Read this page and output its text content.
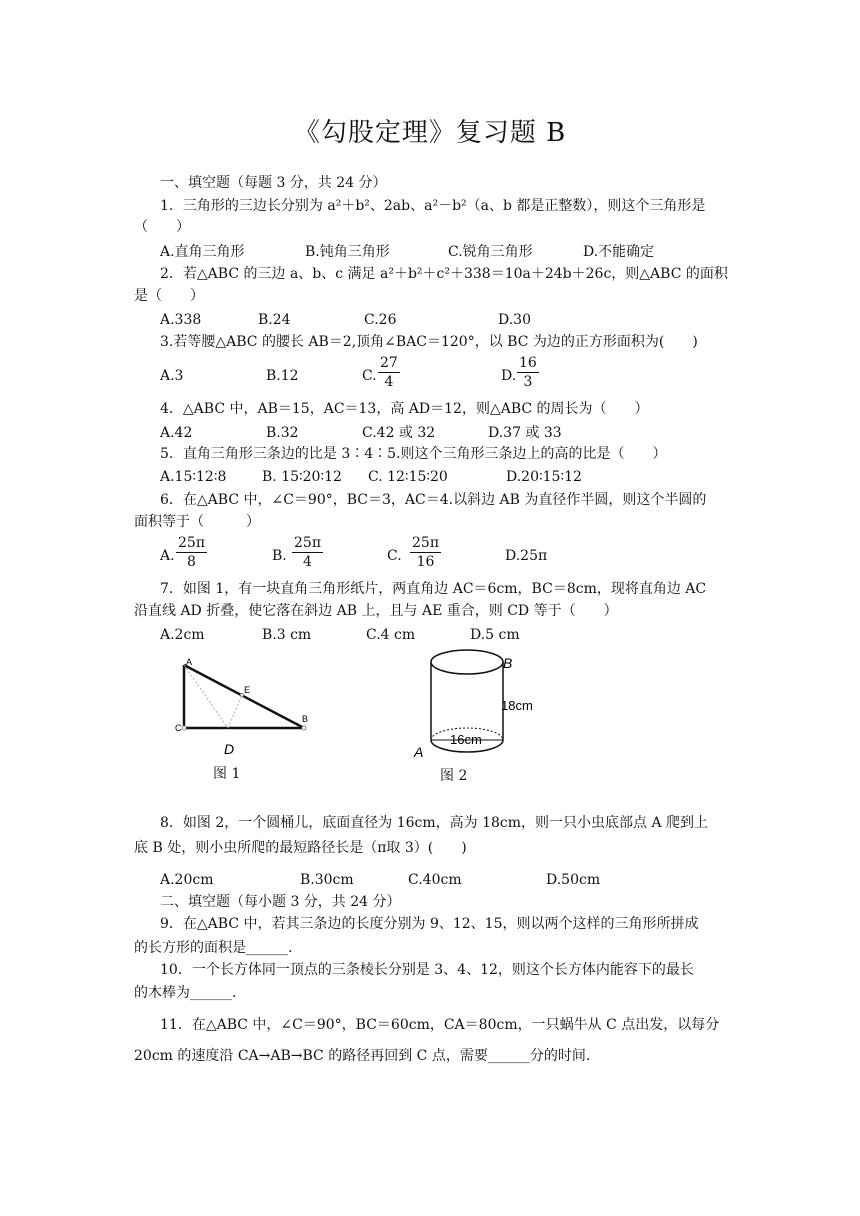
《勾股定理》复习题 B
一、填空题（每题 3 分，共 24 分）
1．三角形的三边长分别为 a²＋b²、2ab、a²－b²（a、b 都是正整数），则这个三角形是
（　　）
A.直角三角形	B.钝角三角形	C.锐角三角形	D.不能确定
2．若△ABC 的三边 a、b、c 满足 a²＋b²＋c²＋338＝10a＋24b＋26c，则△ABC 的面积
是（　　）
A.338	B.24	C.26	D.30
3.若等腰△ABC 的腰长 AB＝2,顶角∠BAC＝120°，以 BC 为边的正方形面积为(　　)
A.3	B.12	C. $\frac{27}{4}$	D. $\frac{16}{3}$
4．△ABC 中，AB＝15，AC＝13，高 AD＝12，则△ABC 的周长为（　　）
A.42	B.32	C.42 或 32	D.37 或 33
5．直角三角形三条边的比是 3∶4∶5.则这个三角形三条边上的高的比是（　　）
A.15∶12∶8	B. 15∶20∶12 C. 12∶15∶20	D.20∶15∶12
6．在△ABC 中，∠C＝90°，BC＝3，AC＝4.以斜边 AB 为直径作半圆，则这个半圆的
面积等于（　　　）
A. $\frac{25\pi}{8}$	B. $\frac{25\pi}{4}$	C. $\frac{25\pi}{16}$	D.25π
7．如图 1，有一块直角三角形纸片，两直角边 AC＝6cm，BC＝8cm，现将直角边 AC
沿直线 AD 折叠，使它落在斜边 AB 上，且与 AE 重合，则 CD 等于（　　）
A.2cm	B.3 cm	C.4 cm	D.5 cm
A
E
B
C
D
图 1
B
18cm
16cm
A
图 2
8．如图 2，一个圆桶儿，底面直径为 16cm，高为 18cm，则一只小虫底部点 A 爬到上
底 B 处，则小虫所爬的最短路径长是（π取 3）(　　)
A.20cm	B.30cm	C.40cm	D.50cm
二、填空题（每小题 3 分，共 24 分）
9．在△ABC 中，若其三条边的长度分别为 9、12、15，则以两个这样的三角形所拼成
的长方形的面积是______.
10．一个长方体同一顶点的三条棱长分别是 3、4、12，则这个长方体内能容下的最长
的木棒为______.
11．在△ABC 中，∠C＝90°，BC＝60cm，CA＝80cm，一只蜗牛从 C 点出发，以每分
20cm 的速度沿 CA→AB→BC 的路径再回到 C 点，需要______分的时间.
